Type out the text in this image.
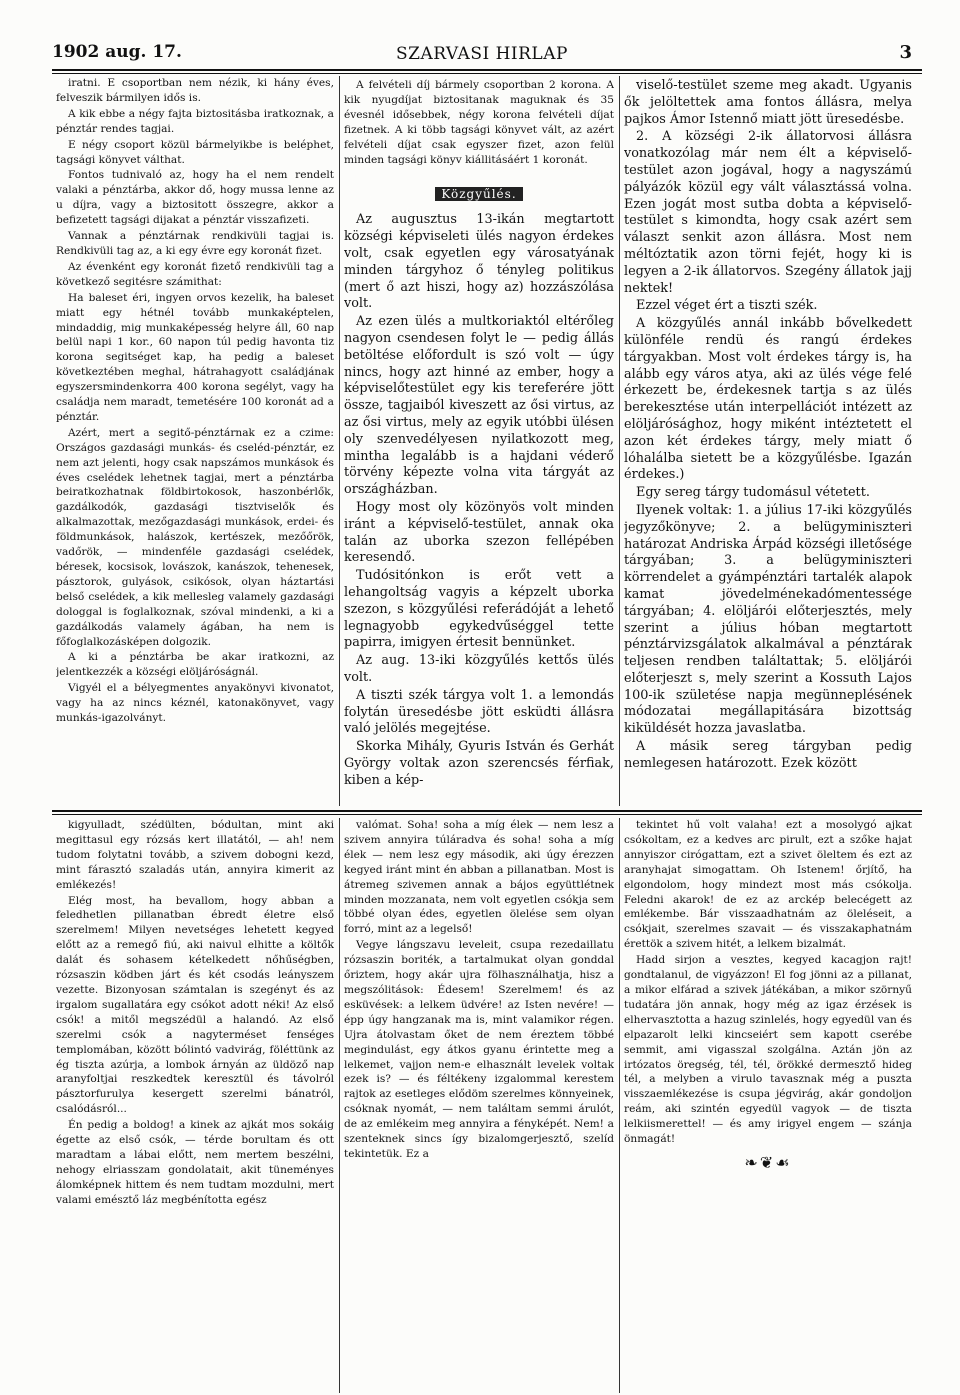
1902 aug. 17.	SZARVASI HIRLAP	3

iratni. E csoportban nem nézik, ki hány éves, felveszik bármilyen idős is.

A kik ebbe a négy fajta biztositásba iratkoznak, a pénztár rendes tagjai.

E négy csoport közül bármelyikbe is beléphet, tagsági könyvet válthat.

Fontos tudnivaló az, hogy ha el nem rendelt valaki a pénztárba, akkor dő, hogy mussa lenne az u díjra, vagy a biztositott összegre, akkor a befizetett tagsági dijakat a pénztár visszafizeti.

Vannak a pénztárnak rendkivüli tagjai is. Rendkivüli tag az, a ki egy évre egy koronát fizet.

Az évenként egy koronát fizető rendkivüli tag a következő segitésre számithat:

Ha baleset éri, ingyen orvos kezelik, ha baleset miatt egy hétnél tovább munkaképtelen, mindaddig, mig munkaképesség helyre áll, 60 nap belül napi 1 kor., 60 napon túl pedig havonta tiz korona segitséget kap, ha pedig a baleset következtében meghal, hátrahagyott családjának egyszersmindenkorra 400 korona segélyt, vagy ha családja nem maradt, temetésére 100 koronát ad a pénztár.

Azért, mert a segitő-pénztárnak ez a czime: Országos gazdasági munkás- és cseléd-pénztár, ez nem azt jelenti, hogy csak napszámos munkások és éves cselédek lehetnek tagjai, mert a pénztárba beiratkozhatnak földbirtokosok, haszonbérlők, gazdálkodók, gazdasági tisztviselők és alkalmazottak, mezőgazdasági munkások, erdei- és földmunkások, halászok, kertészek, mezőőrök, vadőrök, — mindenféle gazdasági cselédek, béresek, kocsisok, lovászok, kanászok, tehenesek, pásztorok, gulyások, csikósok, olyan háztartási belső cselédek, a kik mellesleg valamely gazdasági dologgal is foglalkoznak, szóval mindenki, a ki a gazdálkodás valamely ágában, ha nem is főfoglalkozásképen dolgozik.

A ki a pénztárba be akar iratkozni, az jelentkezzék a községi elöljáróságnál.

Vigyél el a bélyegmentes anyakönyvi kivonatot, vagy ha az nincs kéznél, katonakönyvet, vagy munkás-igazolványt.

A felvételi díj bármely csoportban 2 korona. A kik nyugdíjat biztositanak maguknak és 35 évesnél idősebbek, négy korona felvételi díjat fizetnek. A ki több tagsági könyvet vált, az azért felvételi díjat csak egyszer fizet, azon felül minden tagsági könyv kiállitásáért 1 koronát.

Közgyűlés.

Az augusztus 13-ikán megtartott községi képviseleti ülés nagyon érdekes volt, csak egyetlen egy városatyának minden tárgyhoz ő tényleg politikus (mert ő azt hiszi, hogy az) hozzászólása volt.

Az ezen ülés a multkoriaktól eltérőleg nagyon csendesen folyt le — pedig állás betöltése előfordult is szó volt — úgy nincs, hogy azt hinné az ember, hogy a képviselőtestület egy kis tereferére jött össze, tagjaiból kiveszett az ősi virtus, az az ősi virtus, mely az egyik utóbbi ülésen oly szenvedélyesen nyilatkozott meg, mintha legalább is a hajdani véderő törvény képezte volna vita tárgyát az országházban.

Hogy most oly közönyös volt minden iránt a képviselő-testület, annak oka talán az uborka szezon fellépében keresendő.

Tudósitónkon is erőt vett a lehangoltság vagyis a képzelt uborka szezon, s közgyűlési referádóját a lehető legnagyobb egykedvűséggel tette papirra, imigyen értesit bennünket.

Az aug. 13-iki közgyűlés kettős ülés volt.

A tiszti szék tárgya volt 1. a lemondás folytán üresedésbe jött esküdti állásra való jelölés megejtése.

Skorka Mihály, Gyuris István és Gerhát György voltak azon szerencsés férfiak, kiben a kép-

viselő-testület szeme meg akadt. Ugyanis ők jelöltettek ama fontos állásra, melya pajkos Ámor Istennő miatt jött üresedésbe.

2. A községi 2-ik állatorvosi állásra vonatkozólag már nem élt a képviselő-testület azon jogával, hogy a nagyszámú pályázók közül egy vált választássá volna. Ezen jogát most sutba dobta a képviselő-testület s kimondta, hogy csak azért sem választ senkit azon állásra. Most nem méltóztatik azon törni fejét, hogy ki is legyen a 2-ik állatorvos. Szegény állatok jajj nektek!

Ezzel véget ért a tiszti szék.

A közgyűlés annál inkább bővelkedett különféle rendü és rangú érdekes tárgyakban. Most volt érdekes tárgy is, ha alább egy város atya, aki az ülés vége felé érkezett be, érdekesnek tartja s az ülés berekesztése után interpellációt intézett az elöljárósághoz, hogy miként intéztetett el azon két érdekes tárgy, mely miatt ő lóhalálba sietett be a közgyűlésbe. Igazán érdekes.)

Egy sereg tárgy tudomásul vétetett.

Ilyenek voltak: 1. a július 17-iki közgyűlés jegyzőkönyve; 2. a belügyminiszteri határozat Andriska Árpád községi illetősége tárgyában; 3. a belügyminiszteri körrendelet a gyámpénztári tartalék alapok kamat jövedelménekadómentessége tárgyában; 4. elöljárói előterjesztés, mely szerint a július hóban megtartott pénztárvizsgálatok alkalmával a pénztárak teljesen rendben találtattak; 5. elöljárói előterjeszt s, mely szerint a Kossuth Lajos 100-ik születése napja megünneplésének módozatai megállapitására bizottság kiküldését hozza javaslatba.

A másik sereg tárgyban pedig nemlegesen határozott. Ezek között

kigyulladt, szédülten, bódultan, mint aki megittasul egy rózsás kert illatától, — ah! nem tudom folytatni tovább, a szivem dobogni kezd, mint fárasztó szaladás után, annyira kimerit az emlékezés!

Elég most, ha bevallom, hogy abban a feledhetlen pillanatban ébredt életre első szerelmem! Milyen nevetséges lehetett kegyed előtt az a remegő fiú, aki naivul elhitte a költők dalát és sohasem kételkedett nőhűségben, rózsaszin ködben járt és két csodás leányszem vezette. Bizonyosan számtalan is szegényt és az irgalom sugallatára egy csókot adott néki! Az első csók! a mitől megszédül a halandó. Az első szerelmi csók a nagyterméset fenséges templomában, között bólintó vadvirág, föléttünk az ég tiszta azúrja, a lombok árnyán az üldöző nap aranyfoltjai reszkedtek keresztül és távolról pásztorfurulya kesergett szerelmi bánatról, csalódásról...

Én pedig a boldog! a kinek az ajkát mos sokáig égette az első csók, — térde borultam és ott maradtam a lábai előtt, nem mertem beszélni, nehogy elriasszam gondolatait, akit tüneményes álomképnek hittem és nem tudtam mozdulni, mert valami emésztő láz megbénította egész

valómat. Soha! soha a míg élek — nem lesz a szivem annyira túláradva és soha! soha a míg élek — nem lesz egy második, aki úgy érezzen kegyed iránt mint én abban a pillanatban. Most is átremeg szivemen annak a bájos együttlétnek minden mozzanata, nem volt egyetlen csókja sem többé olyan édes, egyetlen ölelése sem olyan forró, mint az a legelső!

Vegye lángszavu leveleit, csupa rezedaillatu rózsaszin boriték, a tartalmukat olyan gonddal őriztem, hogy akár ujra fölhasználhatja, hisz a megszólitások: Édesem! Szerelmem! és az esküvések: a lelkem üdvére! az Isten nevére! — épp úgy hangzanak ma is, mint valamikor régen. Ujra átolvastam őket de nem éreztem többé megindulást, egy átkos gyanu érintette meg a lelkemet, vajjon nem-e elhasznált levelek voltak ezek is? — és féltékeny izgalommal kerestem rajtok az esetleges elődöm szerelmes könnyeinek, csóknak nyomát, — nem találtam semmi árulót, de az emlékeim meg annyira a fényképét. Nem! a szenteknek sincs így bizalomgerjesztő, szelíd tekintetük. Ez a

tekintet hű volt valaha! ezt a mosolygó ajkat csókoltam, ez a kedves arc pirult, ezt a szőke hajat annyiszor cirógattam, ezt a szivet öleltem és ezt az aranyhajat simogattam. Oh Istenem! őrjítő, ha elgondolom, hogy mindezt most más csókolja. Feledni akarok! de ez az arckép belecégett az emlékembe. Bár visszaadhatnám az öleléseit, a csókjait, szerelmes szavait — és visszakaphatnám érettök a szivem hitét, a lelkem bizalmát.

Hadd sirjon a vesztes, kegyed kacagjon rajt! gondtalanul, de vigyázzon! El fog jönni az a pillanat, a mikor elfárad a szivek játékában, a mikor szörnyű tudatára jön annak, hogy még az igaz érzések is elhervasztotta a hazug szinlelés, hogy egyedül van és elpazarolt lelki kincseiért sem kapott cserébe semmit, ami vigasszal szolgálna. Aztán jön az irtózatos öregség, tél, tél, örökké dermesztő hideg tél, a melyben a virulo tavasznak még a puszta visszaemlékezése is csupa jégvirág, akár gondoljon reám, aki szintén egyedül vagyok — de tiszta lelkiismerettel! — és amy irigyel engem — szánja önmagát!

❧❦☙
